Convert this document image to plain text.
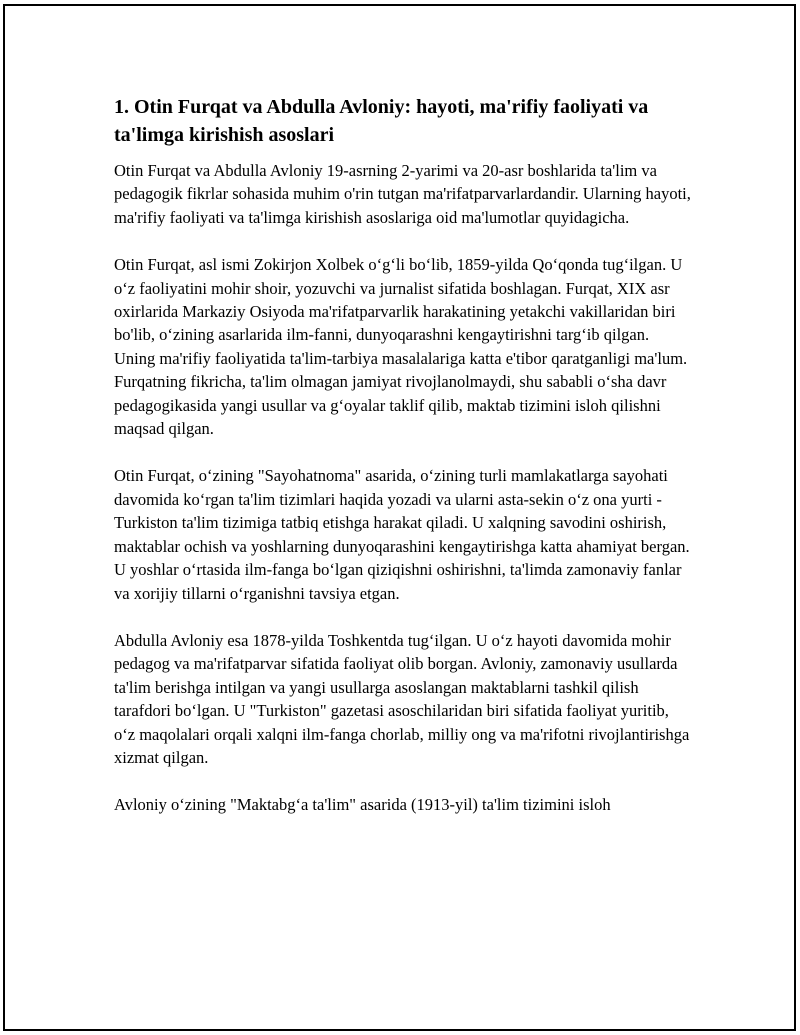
1. Otin Furqat va Abdulla Avloniy: hayoti, ma'rifiy faoliyati va ta'limga kirishish asoslari

Otin Furqat va Abdulla Avloniy 19-asrning 2-yarimi va 20-asr boshlarida ta'lim va pedagogik fikrlar sohasida muhim o'rin tutgan ma'rifatparvarlardandir. Ularning hayoti, ma'rifiy faoliyati va ta'limga kirishish asoslariga oid ma'lumotlar quyidagicha.

Otin Furqat, asl ismi Zokirjon Xolbek oʻgʻli boʻlib, 1859-yilda Qoʻqonda tugʻilgan. U oʻz faoliyatini mohir shoir, yozuvchi va jurnalist sifatida boshlagan. Furqat, XIX asr oxirlarida Markaziy Osiyoda ma'rifatparvarlik harakatining yetakchi vakillaridan biri bo'lib, oʻzining asarlarida ilm-fanni, dunyoqarashni kengaytirishni targʻib qilgan. Uning ma'rifiy faoliyatida ta'lim-tarbiya masalalariga katta e'tibor qaratganligi ma'lum. Furqatning fikricha, ta'lim olmagan jamiyat rivojlanolmaydi, shu sababli oʻsha davr pedagogikasida yangi usullar va gʻoyalar taklif qilib, maktab tizimini isloh qilishni maqsad qilgan.

Otin Furqat, oʻzining "Sayohatnoma" asarida, oʻzining turli mamlakatlarga sayohati davomida koʻrgan ta'lim tizimlari haqida yozadi va ularni asta-sekin oʻz ona yurti - Turkiston ta'lim tizimiga tatbiq etishga harakat qiladi. U xalqning savodini oshirish, maktablar ochish va yoshlarning dunyoqarashini kengaytirishga katta ahamiyat bergan. U yoshlar oʻrtasida ilm-fanga boʻlgan qiziqishni oshirishni, ta'limda zamonaviy fanlar va xorijiy tillarni oʻrganishni tavsiya etgan.

Abdulla Avloniy esa 1878-yilda Toshkentda tugʻilgan. U oʻz hayoti davomida mohir pedagog va ma'rifatparvar sifatida faoliyat olib borgan. Avloniy, zamonaviy usullarda ta'lim berishga intilgan va yangi usullarga asoslangan maktablarni tashkil qilish tarafdori boʻlgan. U "Turkiston" gazetasi asoschilaridan biri sifatida faoliyat yuritib, oʻz maqolalari orqali xalqni ilm-fanga chorlab, milliy ong va ma'rifotni rivojlantirishga xizmat qilgan.

Avloniy oʻzining "Maktabgʻa ta'lim" asarida (1913-yil) ta'lim tizimini isloh
